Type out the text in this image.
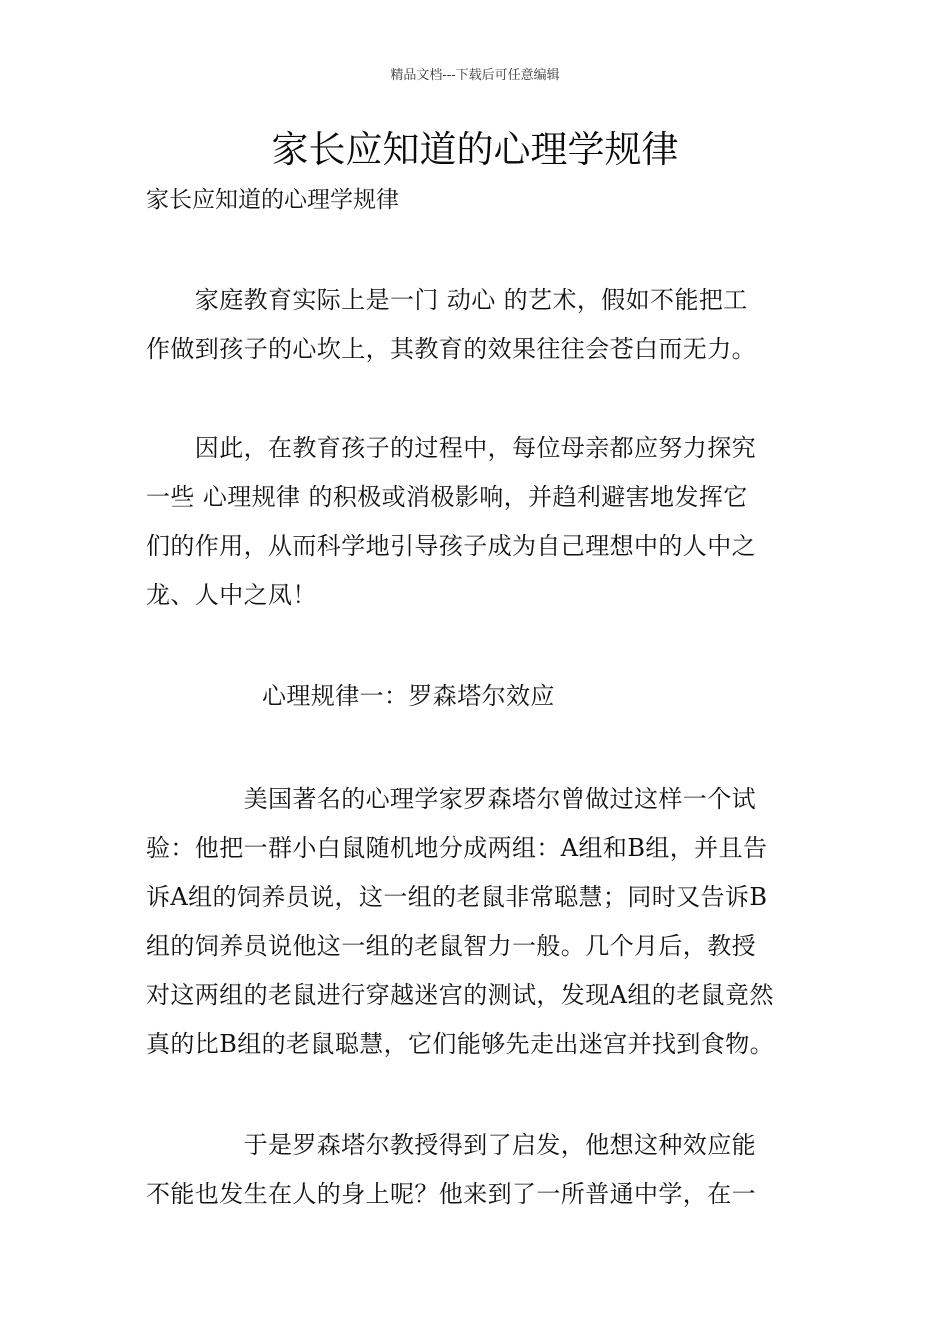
精品文档---下载后可任意编辑
家长应知道的心理学规律
家长应知道的心理学规律

　　家庭教育实际上是一门 动心 的艺术，假如不能把工
作做到孩子的心坎上，其教育的效果往往会苍白而无力。

　　因此，在教育孩子的过程中，每位母亲都应努力探究
一些 心理规律 的积极或消极影响，并趋利避害地发挥它
们的作用，从而科学地引导孩子成为自己理想中的人中之
龙、人中之凤！

心理规律一：罗森塔尔效应

　　　　美国著名的心理学家罗森塔尔曾做过这样一个试
验：他把一群小白鼠随机地分成两组：A组和B组，并且告
诉A组的饲养员说，这一组的老鼠非常聪慧；同时又告诉B
组的饲养员说他这一组的老鼠智力一般。几个月后，教授
对这两组的老鼠进行穿越迷宫的测试，发现A组的老鼠竟然
真的比B组的老鼠聪慧，它们能够先走出迷宫并找到食物。

　　　　于是罗森塔尔教授得到了启发，他想这种效应能
不能也发生在人的身上呢？他来到了一所普通中学，在一
